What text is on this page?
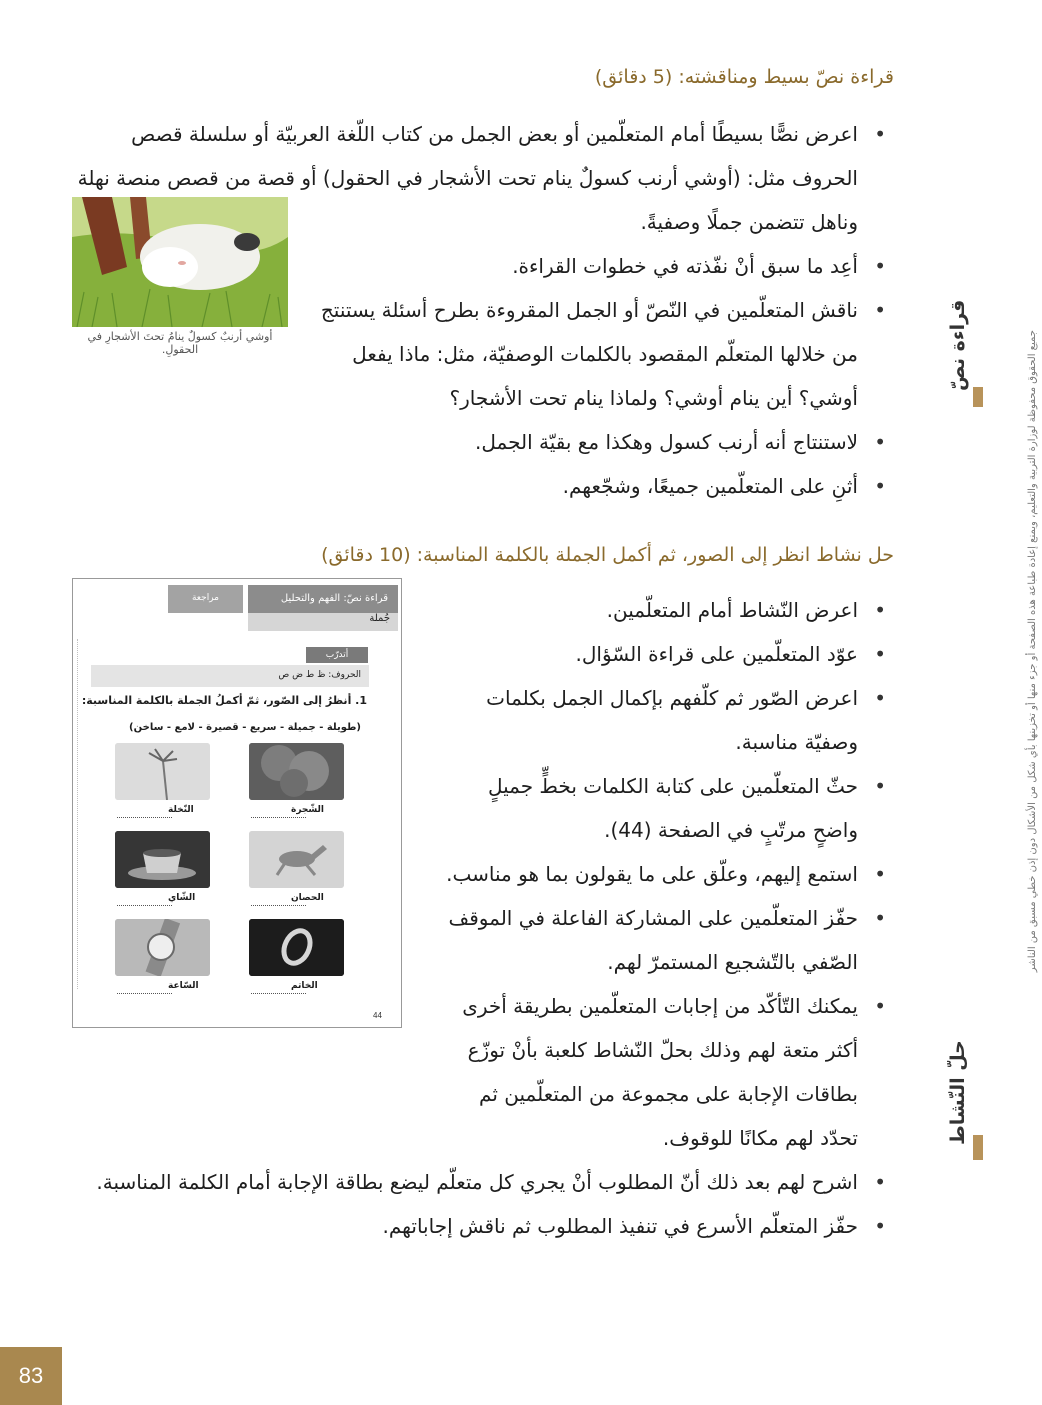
جميع الحقوق محفوظة لوزارة التربية والتعليم، ويمنع إعادة طباعة هذه الصفحة أو جزء منها أو تخزينها بأي شكل من الأشكال دون إذن خطي مسبق من الناشر
قراءة نصّ
حلّ النّشاط
قراءة نصّ بسيط ومناقشته: (5 دقائق)
• اعرض نصًّا بسيطًا أمام المتعلّمين أو بعض الجمل من كتاب اللّغة العربيّة أو سلسلة قصص الحروف مثل: (أوشي أرنب كسولٌ ينام تحت الأشجار في الحقول) أو قصة من قصص منصة نهلة وناهل تتضمن جملًا وصفيةً.
• أعِد ما سبق أنْ نفّذته في خطوات القراءة.
• ناقش المتعلّمين في النّصّ أو الجمل المقروءة بطرح أسئلة يستنتج من خلالها المتعلّم المقصود بالكلمات الوصفيّة، مثل: ماذا يفعل أوشي؟ أين ينام أوشي؟ ولماذا ينام تحت الأشجار؟
• لاستنتاج أنه أرنب كسول وهكذا مع بقيّة الجمل.
• أثنِ على المتعلّمين جميعًا، وشجّعهم.
أوشي أرنبٌ كسولٌ ينامُ تحتَ الأشجارِ في الحقولِ.
حل نشاط انظر إلى الصور، ثم أكمل الجملة بالكلمة المناسبة: (10 دقائق)
• اعرض النّشاط أمام المتعلّمين.
• عوّد المتعلّمين على قراءة السّؤال.
• اعرض الصّور ثم كلّفهم بإكمال الجمل بكلمات وصفيّة مناسبة.
• حثّ المتعلّمين على كتابة الكلمات بخطٍّ جميلٍ واضحٍ مرتّبٍ في الصفحة (44).
• استمع إليهم، وعلّق على ما يقولون بما هو مناسب.
• حفّز المتعلّمين على المشاركة الفاعلة في الموقف الصّفي بالتّشجيع المستمرّ لهم.
• يمكنك التّأكّد من إجابات المتعلّمين بطريقة أخرى أكثر متعة لهم وذلك بحلّ النّشاط كلعبة بأنْ توزّع بطاقات الإجابة على مجموعة من المتعلّمين ثم تحدّد لهم مكانًا للوقوف.
• اشرح لهم بعد ذلك أنّ المطلوب أنْ يجري كل متعلّم ليضع بطاقة الإجابة أمام الكلمة المناسبة.
• حفّز المتعلّم الأسرع في تنفيذ المطلوب ثم ناقش إجاباتهم.
قراءة نصّ: الفهم والتحليل
مراجعة
جُملة
أتدرّب
الحروف: ظ ط ض ص
1. أنظرُ إلى الصّور، ثمّ أكملُ الجملة بالكلمة المناسبة:
(طويلة - جميلة - سريع - قصيرة - لامع - ساخن)
الشّجرة
النّخلة
الحصان
الشّاي
الخاتم
السّاعة
44
83
